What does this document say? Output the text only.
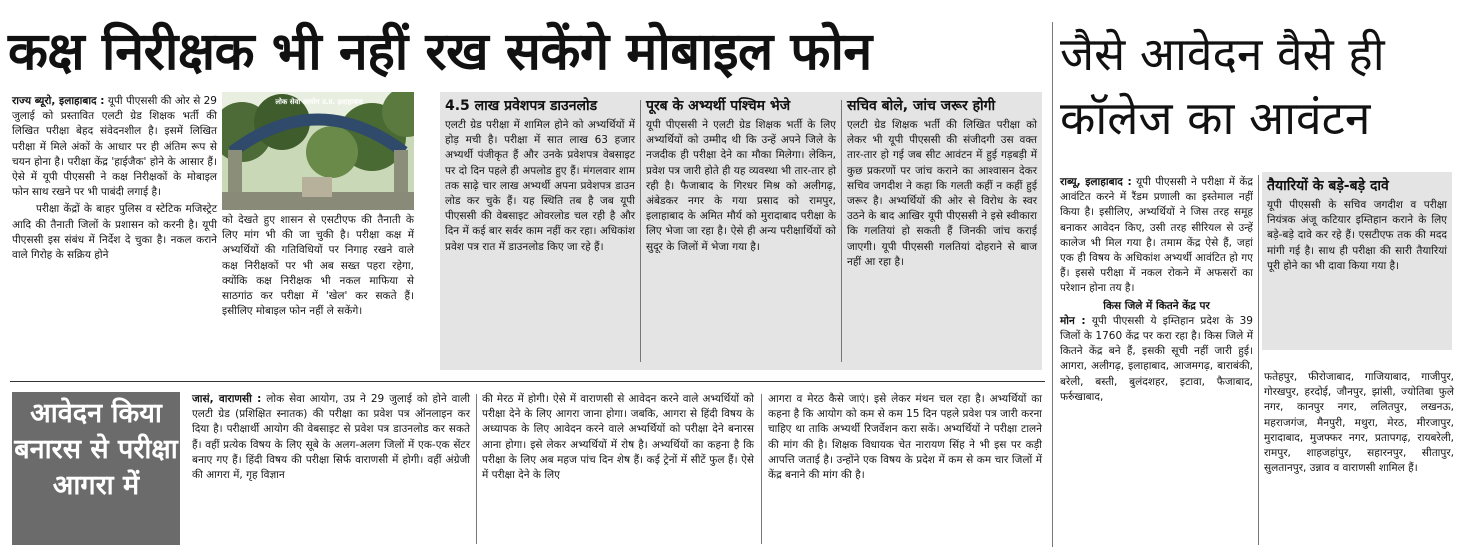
कक्ष निरीक्षक भी नहीं रख सकेंगे मोबाइल फोन	जैसे आवेदन वैसे ही
कॉलेज का आवंटन
राज्य ब्यूरो, इलाहाबाद : यूपी पीएससी की ओर से 29 जुलाई को प्रस्तावित एलटी ग्रेड शिक्षक भर्ती की लिखित परीक्षा बेहद संवेदनशील है। इसमें लिखित परीक्षा में मिले अंकों के आधार पर ही अंतिम रूप से चयन होना है। परीक्षा केंद्र 'हाईजैक' होने के आसार हैं। ऐसे में यूपी पीएससी ने कक्ष निरीक्षकों के मोबाइल फोन साथ रखने पर भी पाबंदी लगाई है।
परीक्षा केंद्रों के बाहर पुलिस व स्टेटिक मजिस्ट्रेट आदि की तैनाती जिलों के प्रशासन को करनी है। यूपी पीएससी इस संबंध में निर्देश दे चुका है। नकल कराने वाले गिरोह के सक्रिय होने
लोक सेवा आयोग उ.प्र. इलाहाबाद
को देखते हुए शासन से एसटीएफ की तैनाती के लिए मांग भी की जा चुकी है। परीक्षा कक्ष में अभ्यर्थियों की गतिविधियों पर निगाह रखने वाले कक्ष निरीक्षकों पर भी अब सख्त पहरा रहेगा, क्योंकि कक्ष निरीक्षक भी नकल माफिया से साठगांठ कर परीक्षा में 'खेल' कर सकते हैं। इसीलिए मोबाइल फोन नहीं ले सकेंगे।
4.5 लाख प्रवेशपत्र डाउनलोड
एलटी ग्रेड परीक्षा में शामिल होने को अभ्यर्थियों में होड़ मची है। परीक्षा में सात लाख 63 हजार अभ्यर्थी पंजीकृत हैं और उनके प्रवेशपत्र वेबसाइट पर दो दिन पहले ही अपलोड हुए हैं। मंगलवार शाम तक साढ़े चार लाख अभ्यर्थी अपना प्रवेशपत्र डाउन लोड कर चुके हैं। यह स्थिति तब है जब यूपी पीएससी की वेबसाइट ओवरलोड चल रही है और दिन में कई बार सर्वर काम नहीं कर रहा। अधिकांश प्रवेश पत्र रात में डाउनलोड किए जा रहे हैं।
पूरब के अभ्यर्थी पश्चिम भेजे
यूपी पीएससी ने एलटी ग्रेड शिक्षक भर्ती के लिए अभ्यर्थियों को उम्मीद थी कि उन्हें अपने जिले के नजदीक ही परीक्षा देने का मौका मिलेगा। लेकिन, प्रवेश पत्र जारी होते ही यह व्यवस्था भी तार-तार हो रही है। फैजाबाद के गिरधर मिश्र को अलीगढ़, अंबेडकर नगर के गया प्रसाद को रामपुर, इलाहाबाद के अमित मौर्य को मुरादाबाद परीक्षा के लिए भेजा जा रहा है। ऐसे ही अन्य परीक्षार्थियों को सुदूर के जिलों में भेजा गया है।
सचिव बोले, जांच जरूर होगी
एलटी ग्रेड शिक्षक भर्ती की लिखित परीक्षा को लेकर भी यूपी पीएससी की संजीदगी उस वक्त तार-तार हो गई जब सीट आवंटन में हुई गड़बड़ी में कुछ प्रकरणों पर जांच कराने का आश्वासन देकर सचिव जगदीश ने कहा कि गलती कहीं न कहीं हुई जरूर है। अभ्यर्थियों की ओर से विरोध के स्वर उठने के बाद आखिर यूपी पीएससी ने इसे स्वीकारा कि गलतियां हो सकती हैं जिनकी जांच कराई जाएगी। यूपी पीएससी गलतियां दोहराने से बाज नहीं आ रहा है।
आवेदन किया बनारस से परीक्षा आगरा में
जासं, वाराणसी : लोक सेवा आयोग, उप्र ने 29 जुलाई को होने वाली एलटी ग्रेड (प्रशिक्षित स्नातक) की परीक्षा का प्रवेश पत्र ऑनलाइन कर दिया है। परीक्षार्थी आयोग की वेबसाइट से प्रवेश पत्र डाउनलोड कर सकते हैं। वहीं प्रत्येक विषय के लिए सूबे के अलग-अलग जिलों में एक-एक सेंटर बनाए गए हैं। हिंदी विषय की परीक्षा सिर्फ वाराणसी में होगी। वहीं अंग्रेजी की आगरा में, गृह विज्ञान
की मेरठ में होगी। ऐसे में वाराणसी से आवेदन करने वाले अभ्यर्थियों को परीक्षा देने के लिए आगरा जाना होगा। जबकि, आगरा से हिंदी विषय के अध्यापक के लिए आवेदन करने वाले अभ्यर्थियों को परीक्षा देने बनारस आना होगा। इसे लेकर अभ्यर्थियों में रोष है। अभ्यर्थियों का कहना है कि परीक्षा के लिए अब महज पांच दिन शेष हैं। कई ट्रेनों में सीटें फुल हैं। ऐसे में परीक्षा देने के लिए
आगरा व मेरठ कैसे जाएं। इसे लेकर मंथन चल रहा है। अभ्यर्थियों का कहना है कि आयोग को कम से कम 15 दिन पहले प्रवेश पत्र जारी करना चाहिए था ताकि अभ्यर्थी रिजर्वेशन करा सकें। अभ्यर्थियों ने परीक्षा टालने की मांग की है। शिक्षक विधायक चेत नारायण सिंह ने भी इस पर कड़ी आपत्ति जताई है। उन्होंने एक विषय के प्रदेश में कम से कम चार जिलों में केंद्र बनाने की मांग की है।
राब्यू, इलाहाबाद : यूपी पीएससी ने परीक्षा में केंद्र आवंटित करने में रैंडम प्रणाली का इस्तेमाल नहीं किया है। इसीलिए, अभ्यर्थियों ने जिस तरह समूह बनाकर आवेदन किए, उसी तरह सीरियल से उन्हें कालेज भी मिल गया है। तमाम केंद्र ऐसे हैं, जहां एक ही विषय के अधिकांश अभ्यर्थी आवंटित हो गए हैं। इससे परीक्षा में नकल रोकने में अफसरों का परेशान होना तय है।
किस जिले में कितने केंद्र पर
मोन : यूपी पीएससी ये इम्तिहान प्रदेश के 39 जिलों के 1760 केंद्र पर करा रहा है। किस जिले में कितने केंद्र बने हैं, इसकी सूची नहीं जारी हुई। आगरा, अलीगढ़, इलाहाबाद, आजमगढ़, बाराबंकी, बरेली, बस्ती, बुलंदशहर, इटावा, फैजाबाद, फर्रुखाबाद,
तैयारियों के बड़े-बड़े दावे
यूपी पीएससी के सचिव जगदीश व परीक्षा नियंत्रक अंजू कटियार इम्तिहान कराने के लिए बड़े-बड़े दावे कर रहे हैं। एसटीएफ तक की मदद मांगी गई है। साथ ही परीक्षा की सारी तैयारियां पूरी होने का भी दावा किया गया है।
फतेहपुर, फीरोजाबाद, गाजियाबाद, गाजीपुर, गोरखपुर, हरदोई, जौनपुर, झांसी, ज्योतिबा फुले नगर, कानपुर नगर, ललितपुर, लखनऊ, महराजगंज, मैनपुरी, मथुरा, मेरठ, मीरजापुर, मुरादाबाद, मुजफ्फर नगर, प्रतापगढ़, रायबरेली, रामपुर, शाहजहांपुर, सहारनपुर, सीतापुर, सुलतानपुर, उन्नाव व वाराणसी शामिल हैं।
